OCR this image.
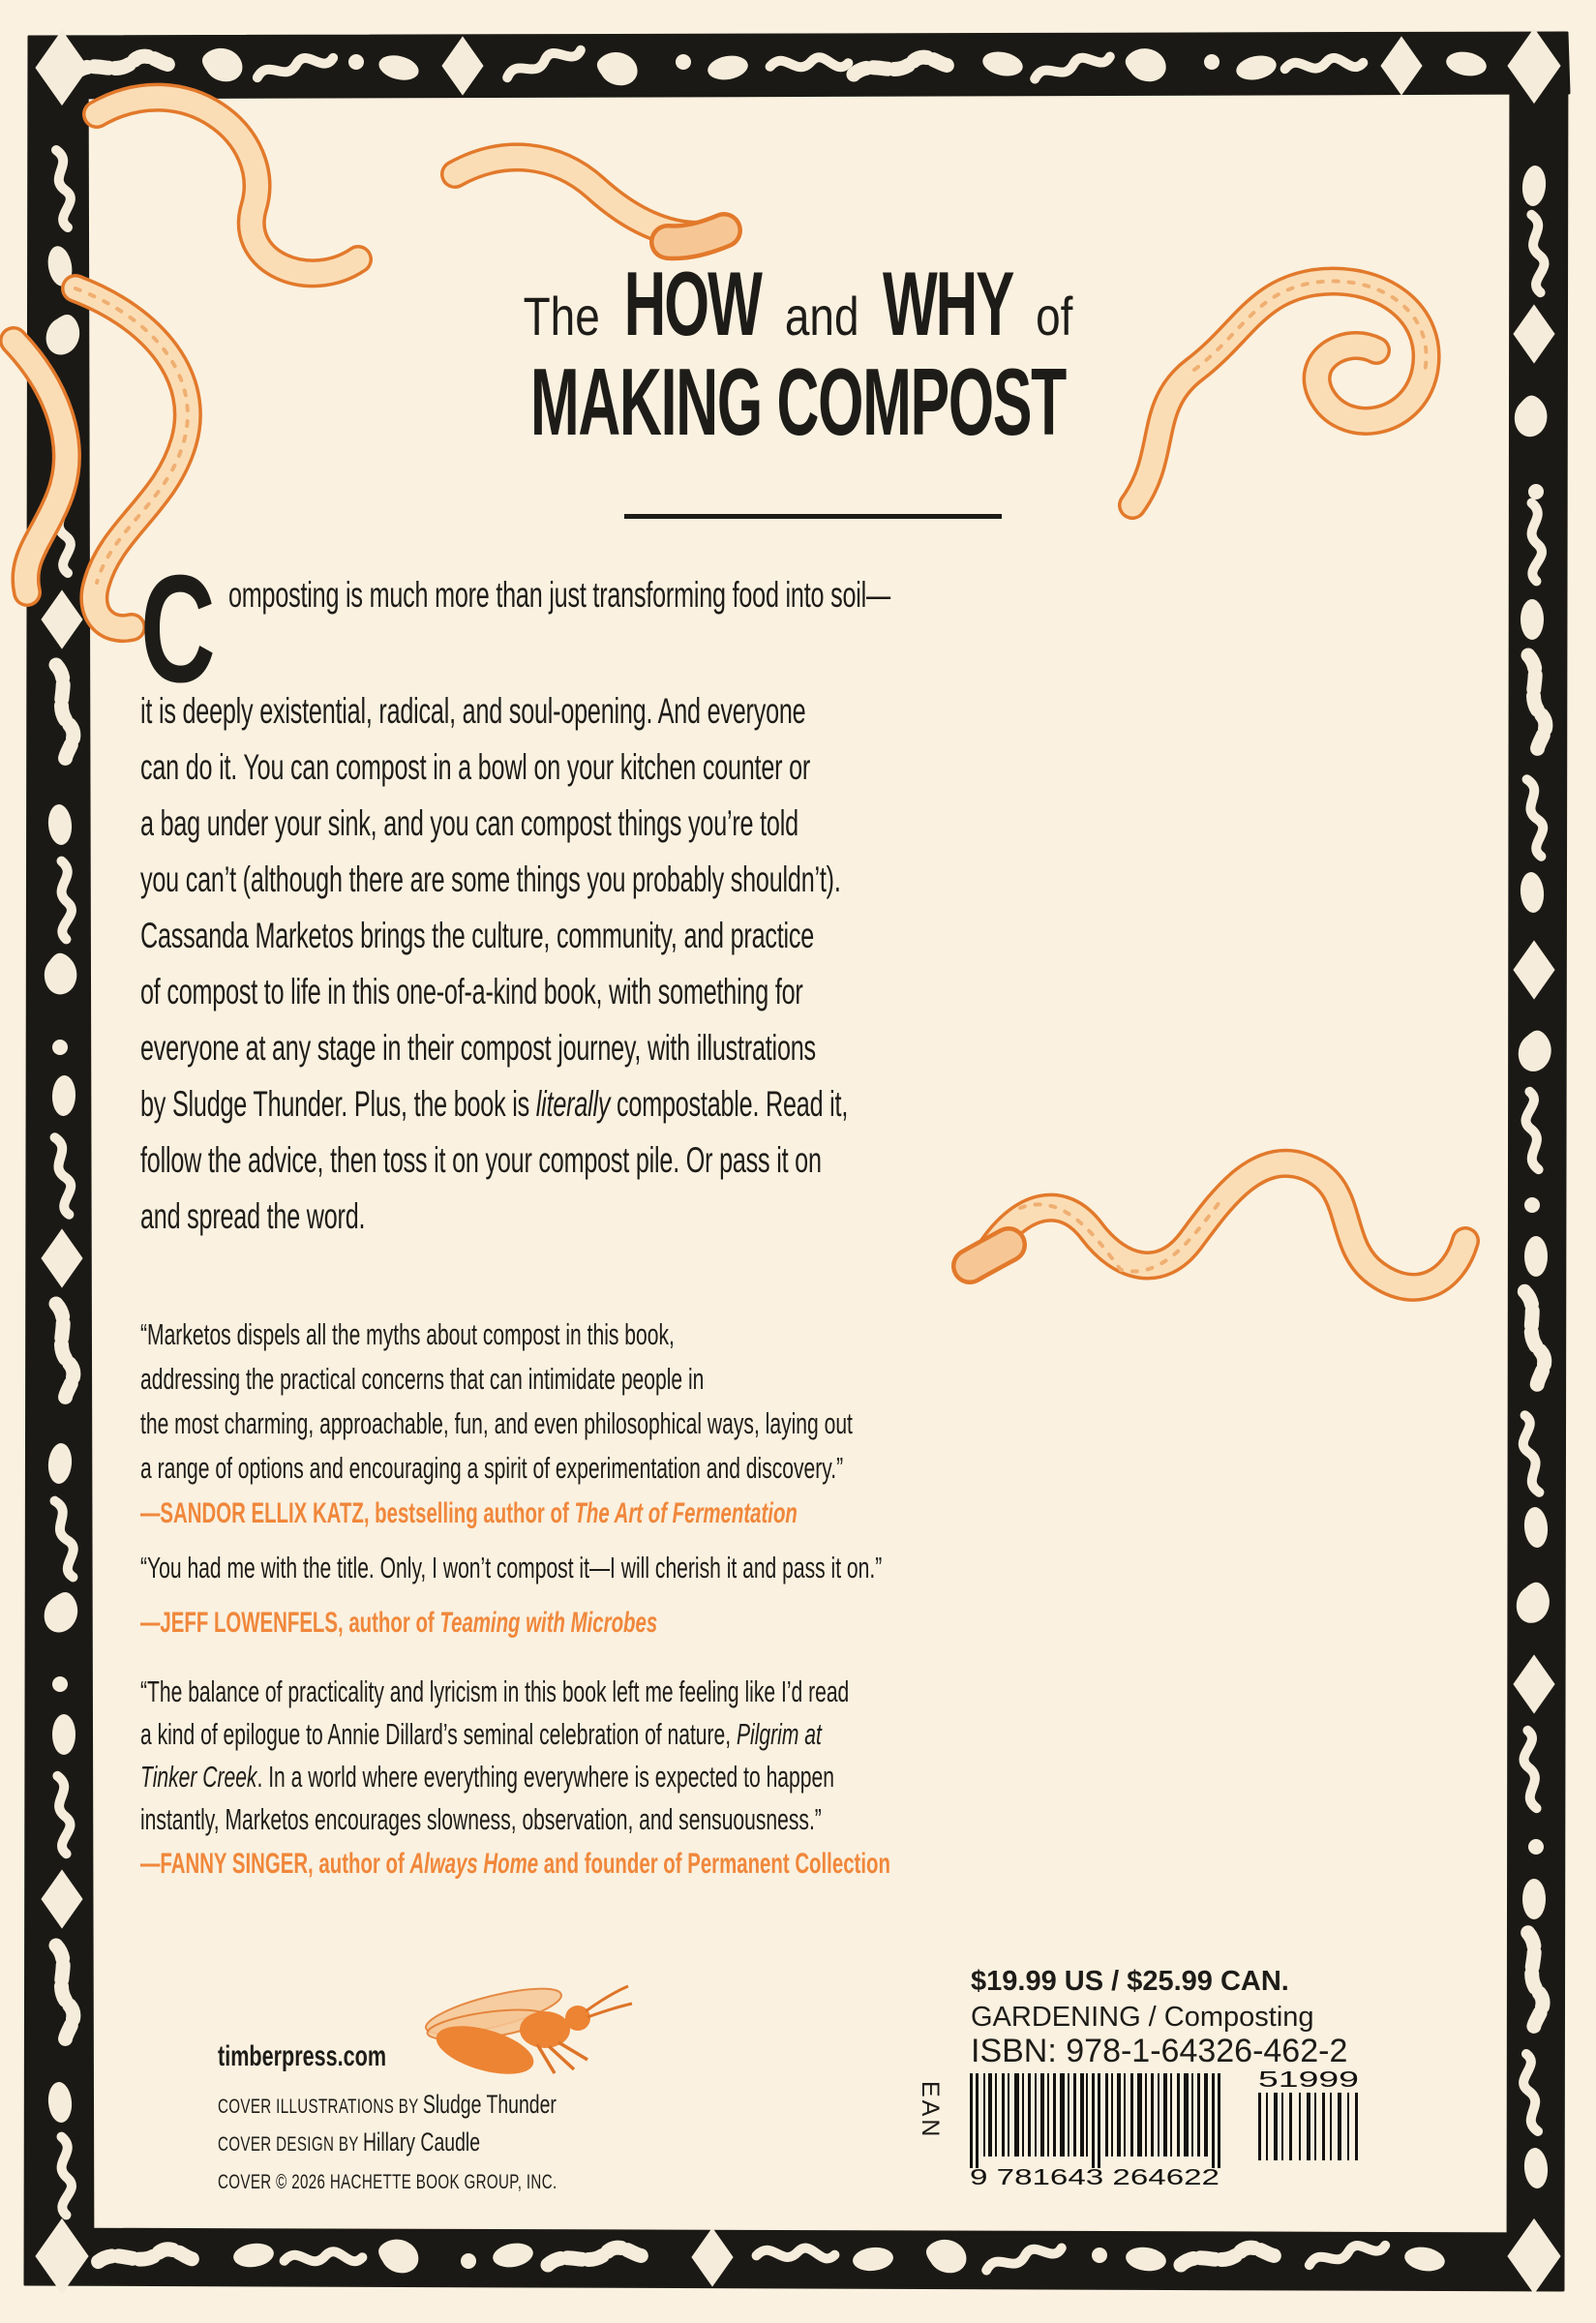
The HOW and WHY of
MAKING COMPOST
Composting is much more than just transforming food into soil—
it is deeply existential, radical, and soul-opening. And everyone
can do it. You can compost in a bowl on your kitchen counter or
a bag under your sink, and you can compost things you’re told
you can’t (although there are some things you probably shouldn’t).
Cassanda Marketos brings the culture, community, and practice
of compost to life in this one-of-a-kind book, with something for
everyone at any stage in their compost journey, with illustrations
by Sludge Thunder. Plus, the book is literally compostable. Read it,
follow the advice, then toss it on your compost pile. Or pass it on
and spread the word.
“Marketos dispels all the myths about compost in this book,
addressing the practical concerns that can intimidate people in
the most charming, approachable, fun, and even philosophical ways, laying out
a range of options and encouraging a spirit of experimentation and discovery.”
—SANDOR ELLIX KATZ, bestselling author of The Art of Fermentation
“You had me with the title. Only, I won’t compost it—I will cherish it and pass it on.”
—JEFF LOWENFELS, author of Teaming with Microbes
“The balance of practicality and lyricism in this book left me feeling like I’d read
a kind of epilogue to Annie Dillard’s seminal celebration of nature, Pilgrim at
Tinker Creek. In a world where everything everywhere is expected to happen
instantly, Marketos encourages slowness, observation, and sensuousness.”
—FANNY SINGER, author of Always Home and founder of Permanent Collection
$19.99 US / $25.99 CAN.
GARDENING / Composting
ISBN: 978-1-64326-462-2
EAN
9 781643 264622
51999
timberpress.com
COVER ILLUSTRATIONS BY Sludge Thunder
COVER DESIGN BY Hillary Caudle
COVER © 2026 HACHETTE BOOK GROUP, INC.
